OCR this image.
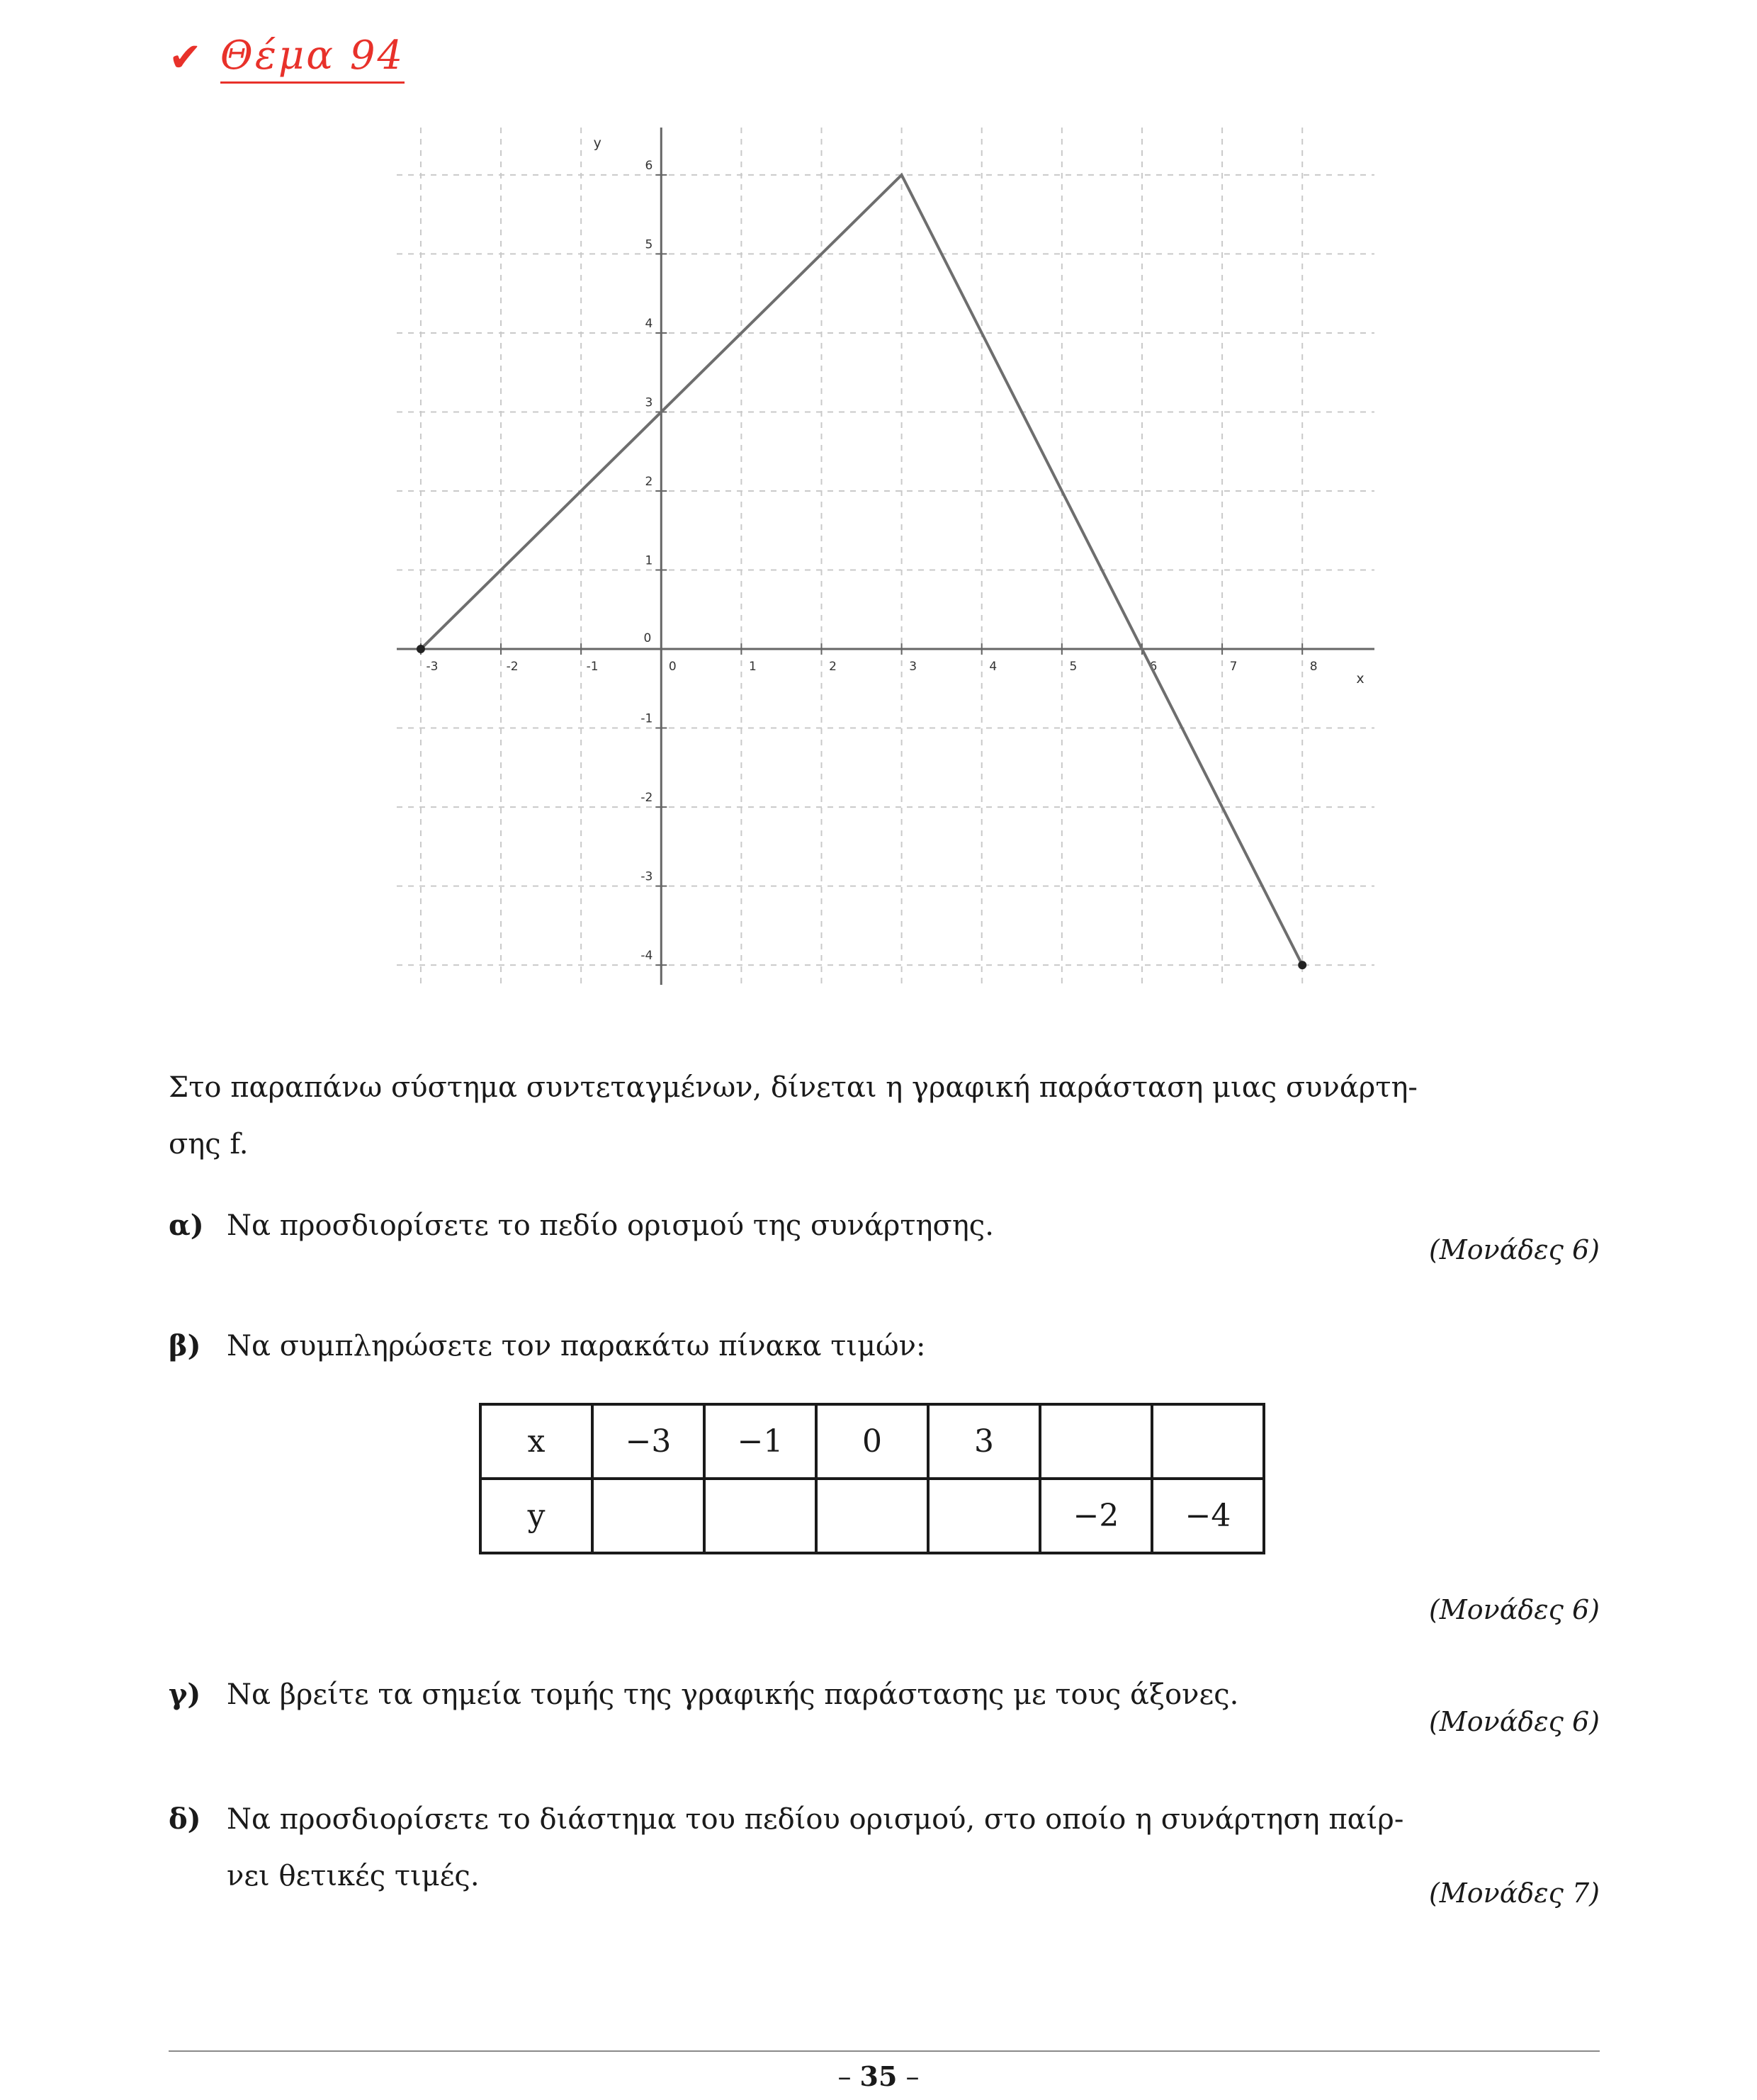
✔ Θέμα 94
-3	-2	-1	0	1	2	3	4	5	6	7	8
-4
-3
-2
-1
1
2
3
4
5
6
0
x
y
Στο παραπάνω σύστημα συντεταγμένων, δίνεται η γραφική παράσταση μιας συνάρτη-
σης f.
α) Να προσδιορίσετε το πεδίο ορισμού της συνάρτησης.
(Μονάδες 6)
β) Να συμπληρώσετε τον παρακάτω πίνακα τιμών:
x	−3	−1	0	3		
y					−2	−4
(Μονάδες 6)
γ) Να βρείτε τα σημεία τομής της γραφικής παράστασης με τους άξονες.
(Μονάδες 6)
δ) Να προσδιορίσετε το διάστημα του πεδίου ορισμού, στο οποίο η συνάρτηση παίρ-
νει θετικές τιμές.
(Μονάδες 7)
– 35 –
